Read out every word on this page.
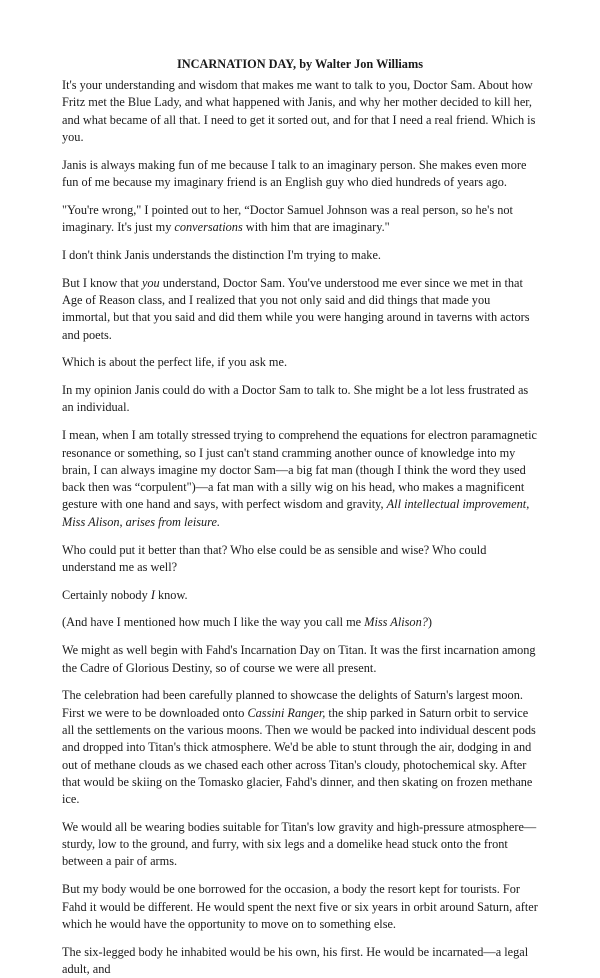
INCARNATION DAY, by Walter Jon Williams

It's your understanding and wisdom that makes me want to talk to you, Doctor Sam. About how Fritz met the Blue Lady, and what happened with Janis, and why her mother decided to kill her, and what became of all that. I need to get it sorted out, and for that I need a real friend. Which is you.

Janis is always making fun of me because I talk to an imaginary person. She makes even more fun of me because my imaginary friend is an English guy who died hundreds of years ago.

"You're wrong," I pointed out to her, “Doctor Samuel Johnson was a real person, so he's not imaginary. It's just my conversations with him that are imaginary."

I don't think Janis understands the distinction I'm trying to make.

But I know that you understand, Doctor Sam. You've understood me ever since we met in that Age of Reason class, and I realized that you not only said and did things that made you immortal, but that you said and did them while you were hanging around in taverns with actors and poets.

Which is about the perfect life, if you ask me.

In my opinion Janis could do with a Doctor Sam to talk to. She might be a lot less frustrated as an individual.

I mean, when I am totally stressed trying to comprehend the equations for electron paramagnetic resonance or something, so I just can't stand cramming another ounce of knowledge into my brain, I can always imagine my doctor Sam—a big fat man (though I think the word they used back then was “corpulent")—a fat man with a silly wig on his head, who makes a magnificent gesture with one hand and says, with perfect wisdom and gravity, All intellectual improvement, Miss Alison, arises from leisure.

Who could put it better than that? Who else could be as sensible and wise? Who could understand me as well?

Certainly nobody I know.

(And have I mentioned how much I like the way you call me Miss Alison?)

We might as well begin with Fahd's Incarnation Day on Titan. It was the first incarnation among the Cadre of Glorious Destiny, so of course we were all present.

The celebration had been carefully planned to showcase the delights of Saturn's largest moon. First we were to be downloaded onto Cassini Ranger, the ship parked in Saturn orbit to service all the settlements on the various moons. Then we would be packed into individual descent pods and dropped into Titan's thick atmosphere. We'd be able to stunt through the air, dodging in and out of methane clouds as we chased each other across Titan's cloudy, photochemical sky. After that would be skiing on the Tomasko glacier, Fahd's dinner, and then skating on frozen methane ice.

We would all be wearing bodies suitable for Titan's low gravity and high-pressure atmosphere—sturdy, low to the ground, and furry, with six legs and a domelike head stuck onto the front between a pair of arms.

But my body would be one borrowed for the occasion, a body the resort kept for tourists. For Fahd it would be different. He would spent the next five or six years in orbit around Saturn, after which he would have the opportunity to move on to something else.

The six-legged body he inhabited would be his own, his first. He would be incarnated—a legal adult, and
